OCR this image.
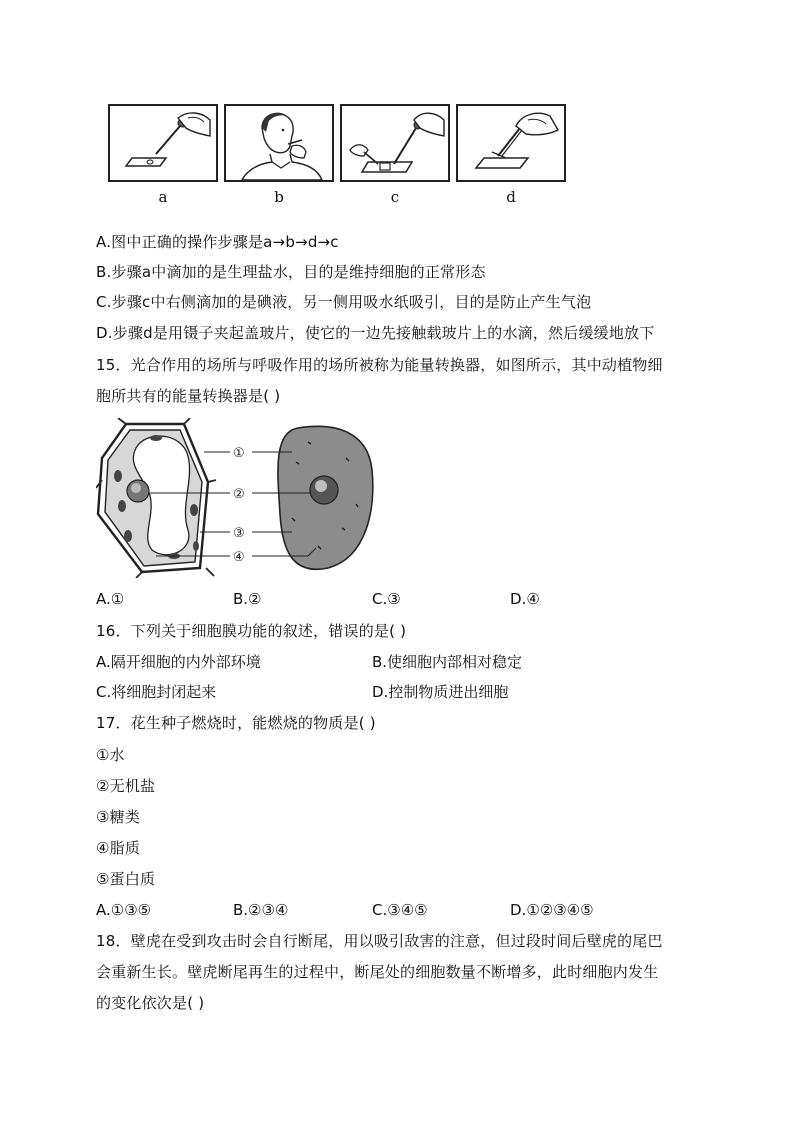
a	b	c	d
A.图中正确的操作步骤是a→b→d→c
B.步骤a中滴加的是生理盐水，目的是维持细胞的正常形态
C.步骤c中右侧滴加的是碘液，另一侧用吸水纸吸引，目的是防止产生气泡
D.步骤d是用镊子夹起盖玻片，使它的一边先接触载玻片上的水滴，然后缓缓地放下
15．光合作用的场所与呼吸作用的场所被称为能量转换器，如图所示，其中动植物细
胞所共有的能量转换器是( )
①
②
③
④
A.①	B.②	C.③	D.④
16．下列关于细胞膜功能的叙述，错误的是( )
A.隔开细胞的内外部环境	B.使细胞内部相对稳定
C.将细胞封闭起来	D.控制物质进出细胞
17．花生种子燃烧时，能燃烧的物质是( )
①水
②无机盐
③糖类
④脂质
⑤蛋白质
A.①③⑤	B.②③④	C.③④⑤	D.①②③④⑤
18．壁虎在受到攻击时会自行断尾，用以吸引敌害的注意，但过段时间后壁虎的尾巴
会重新生长。壁虎断尾再生的过程中，断尾处的细胞数量不断增多，此时细胞内发生
的变化依次是( )
